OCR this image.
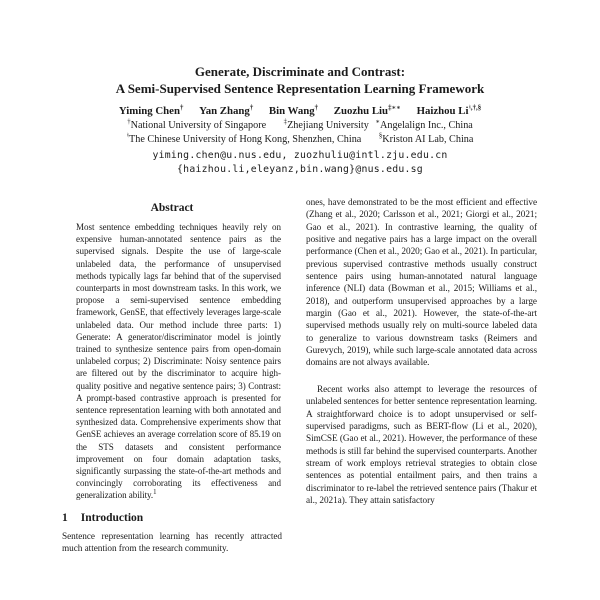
Generate, Discriminate and Contrast:
A Semi-Supervised Sentence Representation Learning Framework
Yiming Chen† Yan Zhang† Bin Wang† Zuozhu Liu‡∗∗ Haizhou Li♮,†,§
†National University of Singapore	‡Zhejiang University ∗Angelalign Inc., China
♮The Chinese University of Hong Kong, Shenzhen, China	§Kriston AI Lab, China
yiming.chen@u.nus.edu, zuozhuliu@intl.zju.edu.cn
{haizhou.li,eleyanz,bin.wang}@nus.edu.sg
Abstract
Most sentence embedding techniques heavily rely on expensive human-annotated sentence pairs as the supervised signals. Despite the use of large-scale unlabeled data, the performance of unsupervised methods typically lags far behind that of the supervised counterparts in most downstream tasks. In this work, we propose a semi-supervised sentence embedding framework, GenSE, that effectively leverages large-scale unlabeled data. Our method include three parts: 1) Generate: A generator/discriminator model is jointly trained to synthesize sentence pairs from open-domain unlabeled corpus; 2) Discriminate: Noisy sentence pairs are filtered out by the discriminator to acquire high-quality positive and negative sentence pairs; 3) Contrast: A prompt-based contrastive approach is presented for sentence representation learning with both annotated and synthesized data. Comprehensive experiments show that GenSE achieves an average correlation score of 85.19 on the STS datasets and consistent performance improvement on four domain adaptation tasks, significantly surpassing the state-of-the-art methods and convincingly corroborating its effectiveness and generalization ability.$^1$
1 Introduction
Sentence representation learning has recently attracted much attention from the research community.
ones, have demonstrated to be the most efficient and effective (Zhang et al., 2020; Carlsson et al., 2021; Giorgi et al., 2021; Gao et al., 2021). In contrastive learning, the quality of positive and negative pairs has a large impact on the overall performance (Chen et al., 2020; Gao et al., 2021). In particular, previous supervised contrastive methods usually construct sentence pairs using human-annotated natural language inference (NLI) data (Bowman et al., 2015; Williams et al., 2018), and outperform unsupervised approaches by a large margin (Gao et al., 2021). However, the state-of-the-art supervised methods usually rely on multi-source labeled data to generalize to various downstream tasks (Reimers and Gurevych, 2019), while such large-scale annotated data across domains are not always available.
Recent works also attempt to leverage the resources of unlabeled sentences for better sentence representation learning. A straightforward choice is to adopt unsupervised or self-supervised paradigms, such as BERT-flow (Li et al., 2020), SimCSE (Gao et al., 2021). However, the performance of these methods is still far behind the supervised counterparts. Another stream of work employs retrieval strategies to obtain close sentences as potential entailment pairs, and then trains a discriminator to re-label the retrieved sentence pairs (Thakur et al., 2021a). They attain satisfactory
